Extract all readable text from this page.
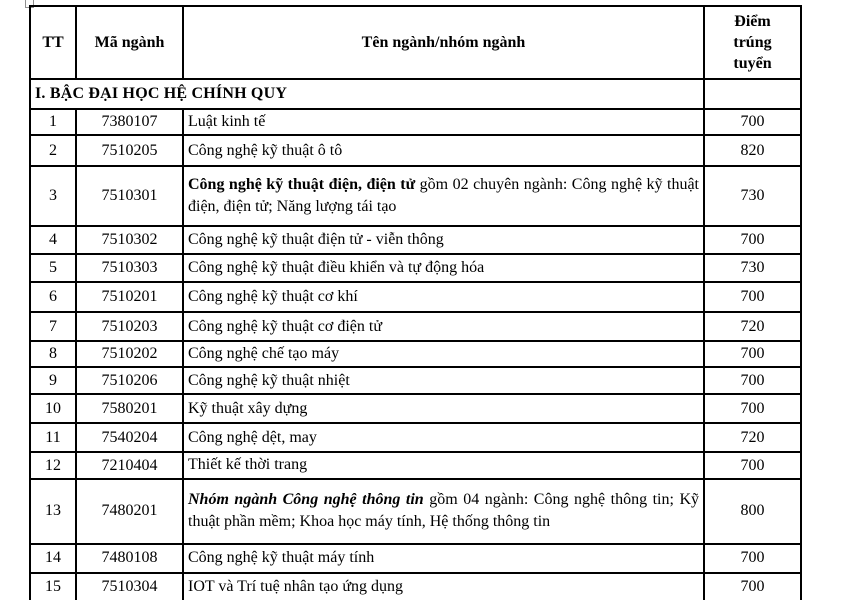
TT	Mã ngành	Tên ngành/nhóm ngành	Điểm trúng tuyển

I. BẬC ĐẠI HỌC HỆ CHÍNH QUY			
1	7380107	Luật kinh tế	700
2	7510205	Công nghệ kỹ thuật ô tô	820
3	7510301	Công nghệ kỹ thuật điện, điện tử gồm 02 chuyên ngành: Công nghệ kỹ thuật điện, điện tử; Năng lượng tái tạo	730
4	7510302	Công nghệ kỹ thuật điện tử - viễn thông	700
5	7510303	Công nghệ kỹ thuật điều khiển và tự động hóa	730
6	7510201	Công nghệ kỹ thuật cơ khí	700
7	7510203	Công nghệ kỹ thuật cơ điện tử	720
8	7510202	Công nghệ chế tạo máy	700
9	7510206	Công nghệ kỹ thuật nhiệt	700
10	7580201	Kỹ thuật xây dựng	700
11	7540204	Công nghệ dệt, may	720
12	7210404	Thiết kế thời trang	700
13	7480201	Nhóm ngành Công nghệ thông tin gồm 04 ngành: Công nghệ thông tin; Kỹ thuật phần mềm; Khoa học máy tính, Hệ thống thông tin	800
14	7480108	Công nghệ kỹ thuật máy tính	700
15	7510304	IOT và Trí tuệ nhân tạo ứng dụng	700
